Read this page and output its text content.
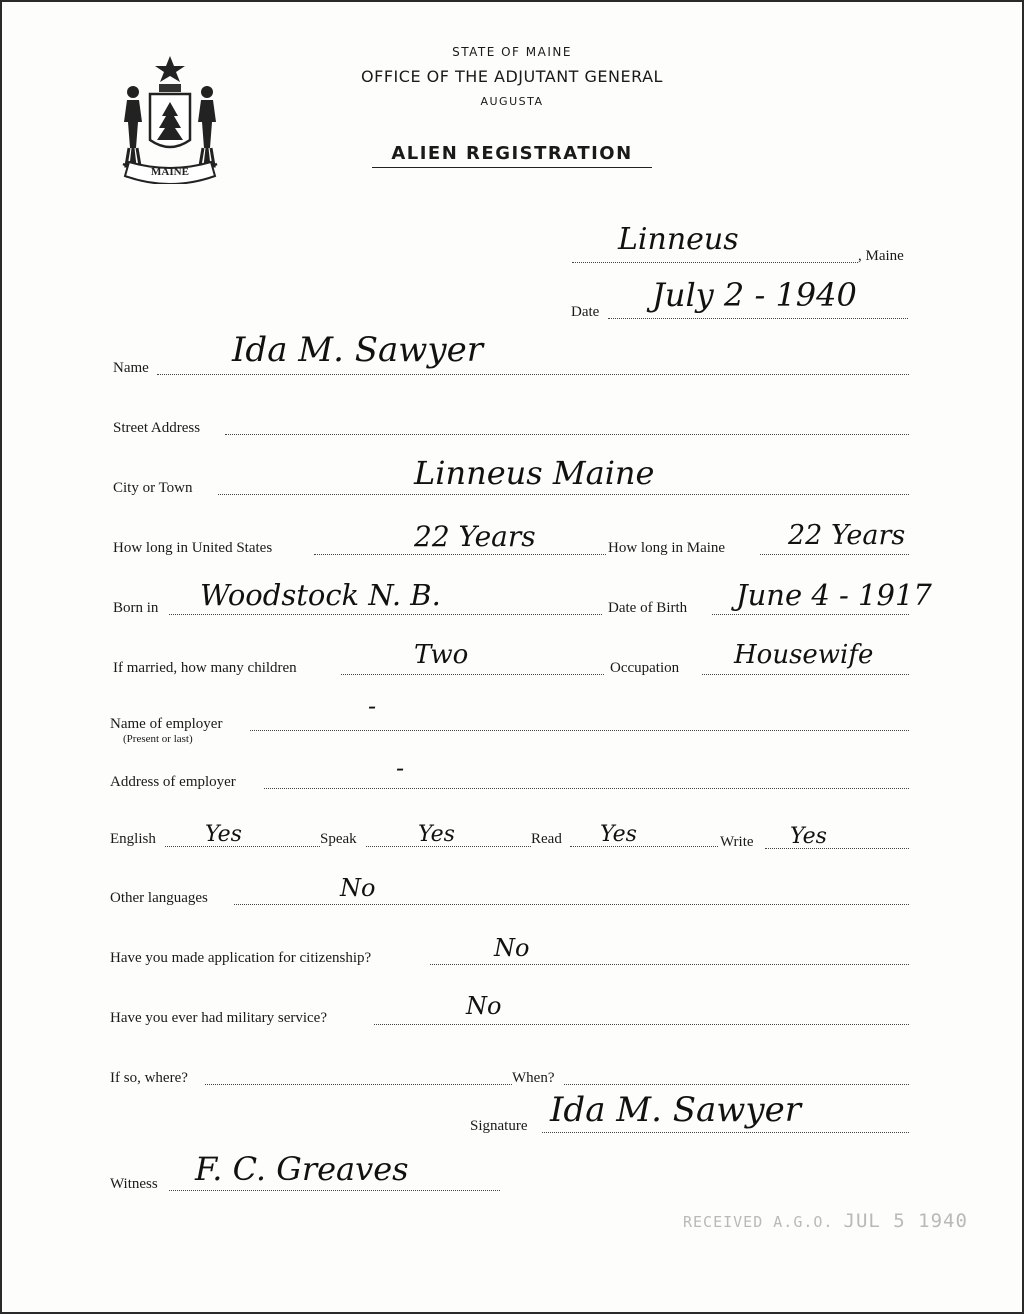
MAINE
STATE OF MAINE
OFFICE OF THE ADJUTANT GENERAL
AUGUSTA
ALIEN REGISTRATION
Linneus	, Maine
Date July 2 - 1940
Name Ida M. Sawyer
Street Address
City or Town	Linneus Maine
How long in United States	22 Years	How long in Maine 22 Years
Born in Woodstock N. B.	Date of Birth June 4 - 1917
If married, how many children	Two	Occupation Housewife
Name of employer
(Present or last)
-
Address of employer	-
English Yes	Speak	Yes	Read Yes	Write Yes
Other languages	No
Have you made application for citizenship?	No
Have you ever had military service?	No
If so, where?	When?
Signature Ida M. Sawyer
Witness F. C. Greaves
RECEIVED A.G.O. JUL 5 1940
